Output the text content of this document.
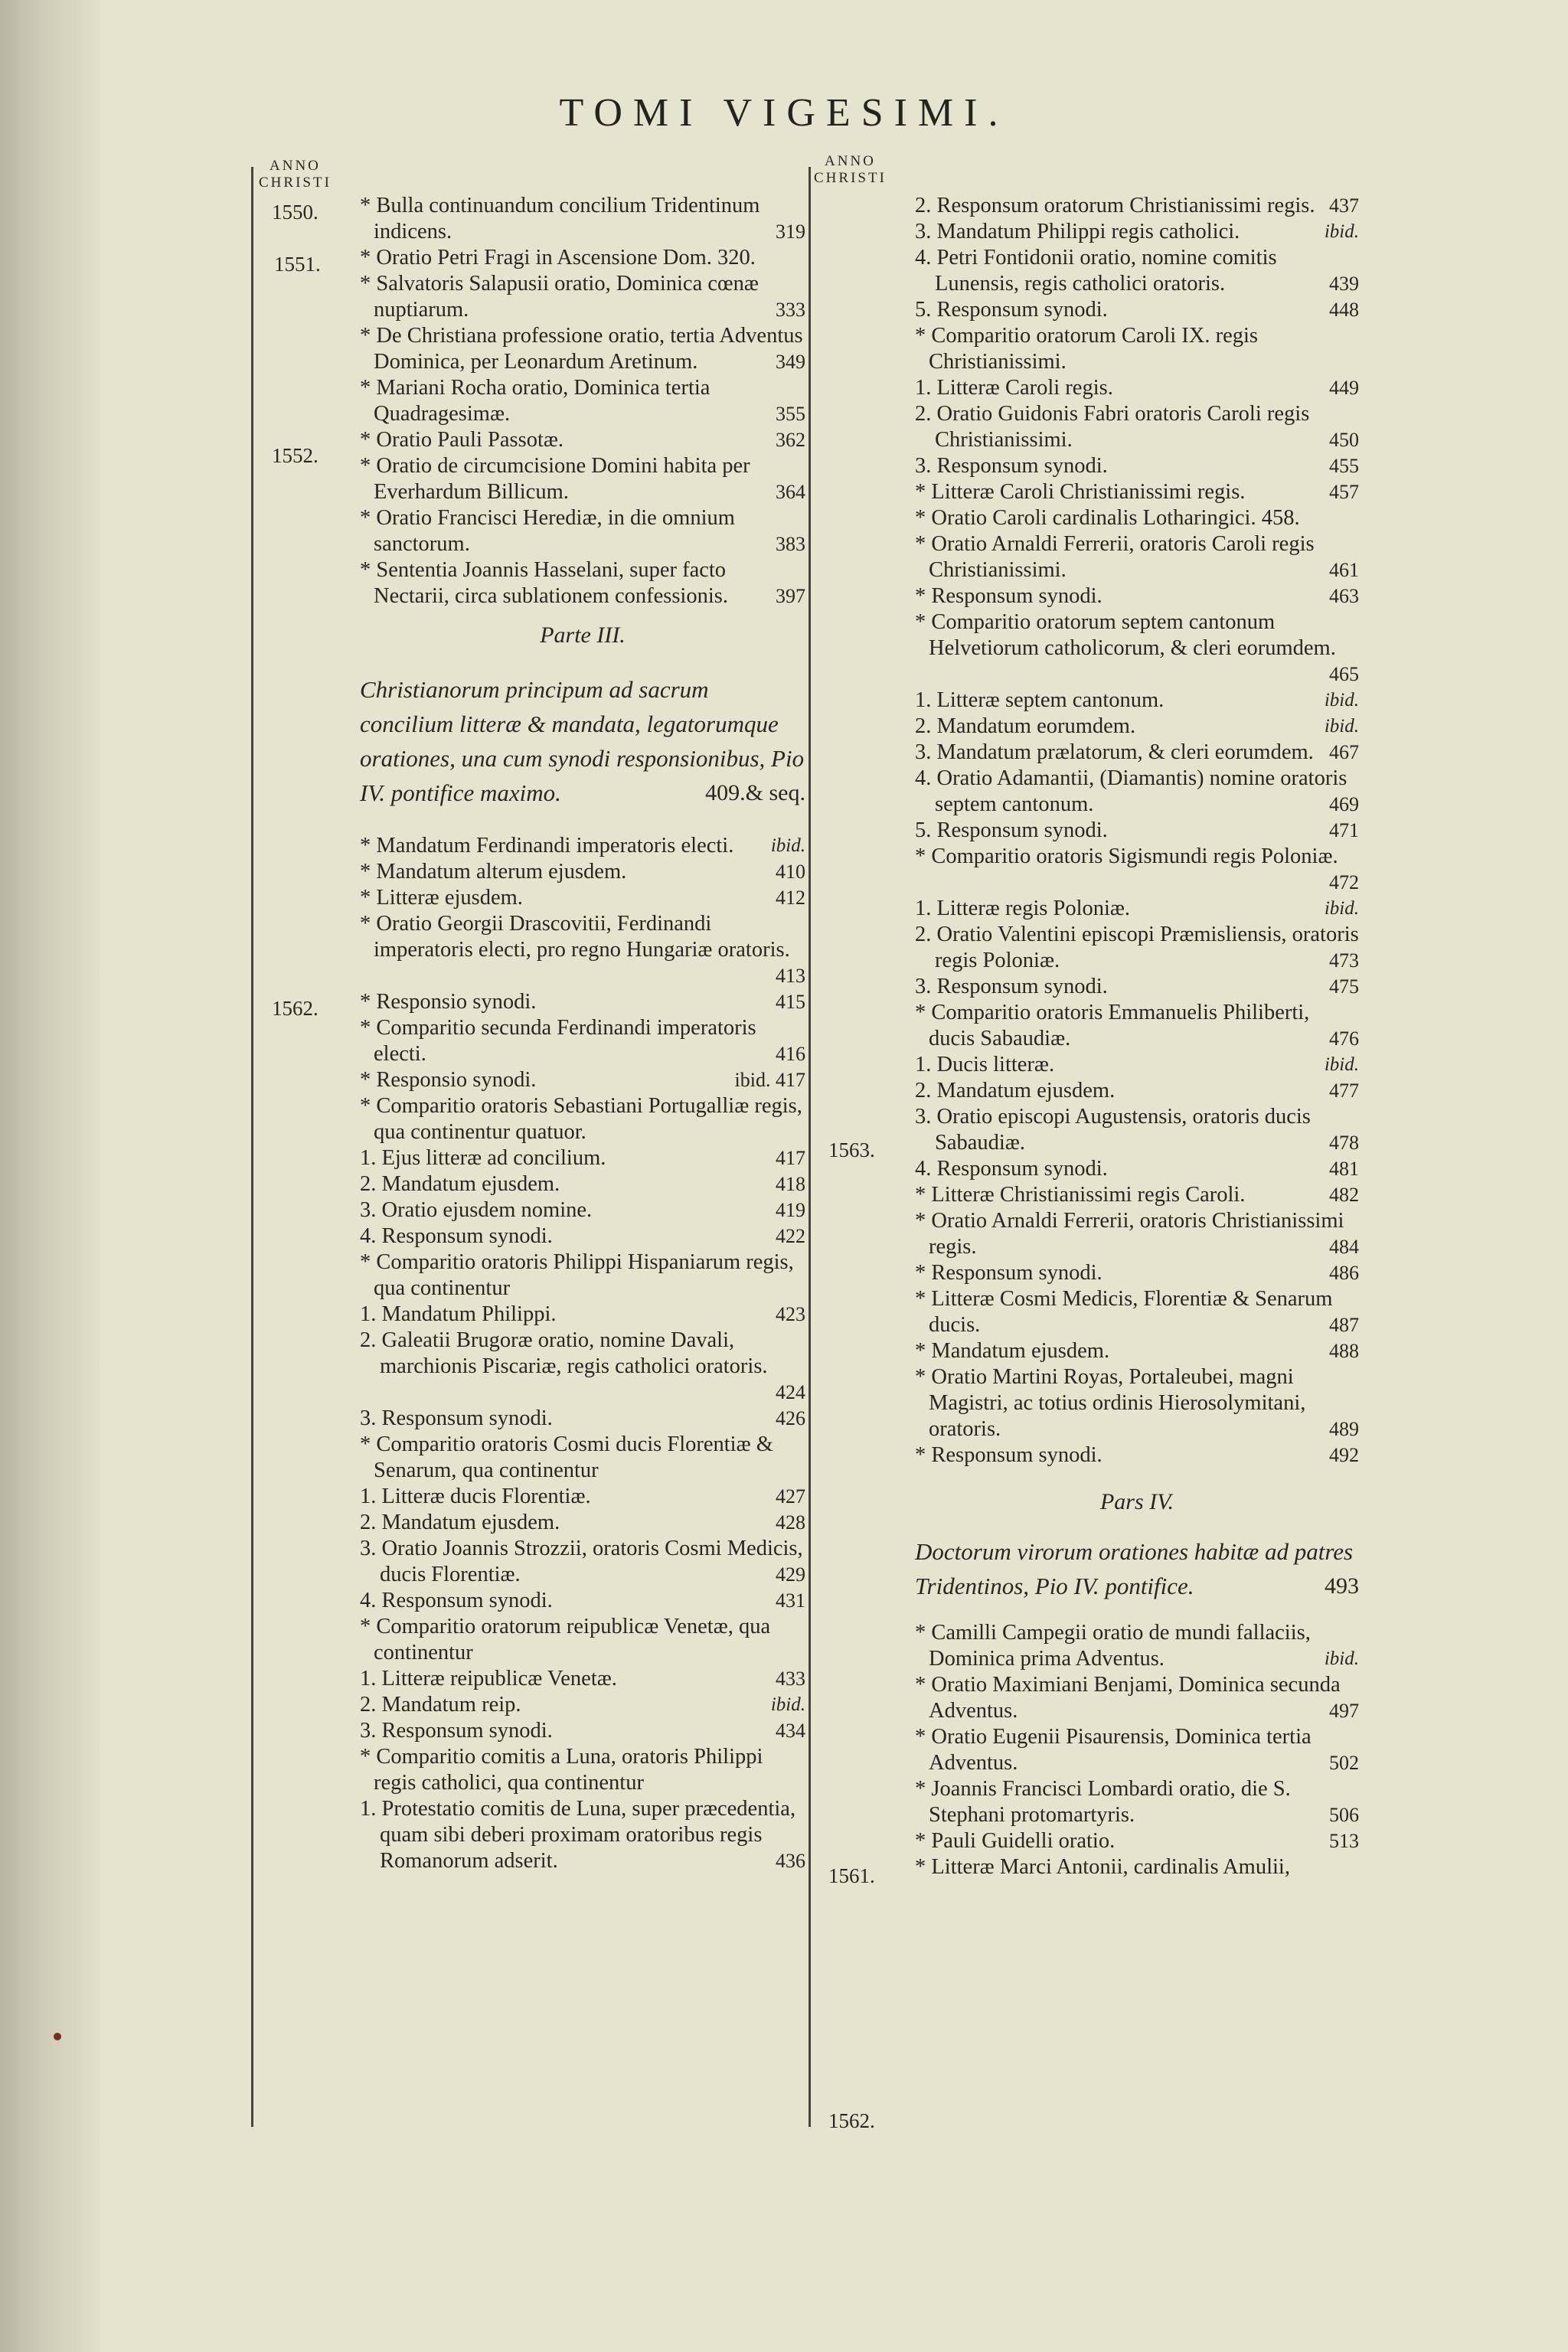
TOMI VIGESIMI.
ANNO
CHRISTI
ANNO
CHRISTI
1550.
1551.
1552.
1562.
1563.
1561.
1562.
* Bulla continuandum concilium Tridentinum indicens.	319
* Oratio Petri Fragi in Ascensione Dom. 320.
* Salvatoris Salapusii oratio, Dominica cœnæ nuptiarum.	333
* De Christiana professione oratio, tertia Adventus Dominica, per Leonardum Aretinum.	349
* Mariani Rocha oratio, Dominica tertia Quadragesimæ.	355
* Oratio Pauli Passotæ.	362
* Oratio de circumcisione Domini habita per Everhardum Billicum.	364
* Oratio Francisci Herediæ, in die omnium sanctorum.	383
* Sententia Joannis Hasselani, super facto Nectarii, circa sublationem confessionis.	397
Parte III.
Christianorum principum ad sacrum concilium litteræ & mandata, legatorumque orationes, una cum synodi responsionibus, Pio IV. pontifice maximo.	409.& seq.
* Mandatum Ferdinandi imperatoris electi.	ibid.
* Mandatum alterum ejusdem.	410
* Litteræ ejusdem.	412
* Oratio Georgii Drascovitii, Ferdinandi imperatoris electi, pro regno Hungariæ oratoris.
413
* Responsio synodi.	415
* Comparitio secunda Ferdinandi imperatoris electi.	416
* Responsio synodi.	ibid. 417
* Comparitio oratoris Sebastiani Portugalliæ regis, qua continentur quatuor.
1. Ejus litteræ ad concilium.	417
2. Mandatum ejusdem.	418
3. Oratio ejusdem nomine.	419
4. Responsum synodi.	422
* Comparitio oratoris Philippi Hispaniarum regis, qua continentur
1. Mandatum Philippi.	423
2. Galeatii Brugoræ oratio, nomine Davali, marchionis Piscariæ, regis catholici oratoris.
424
3. Responsum synodi.	426
* Comparitio oratoris Cosmi ducis Florentiæ & Senarum, qua continentur
1. Litteræ ducis Florentiæ.	427
2. Mandatum ejusdem.	428
3. Oratio Joannis Strozzii, oratoris Cosmi Medicis, ducis Florentiæ.	429
4. Responsum synodi.	431
* Comparitio oratorum reipublicæ Venetæ, qua continentur
1. Litteræ reipublicæ Venetæ.	433
2. Mandatum reip.	ibid.
3. Responsum synodi.	434
* Comparitio comitis a Luna, oratoris Philippi regis catholici, qua continentur
1. Protestatio comitis de Luna, super præcedentia, quam sibi deberi proximam oratoribus regis Romanorum adserit.	436
2. Responsum oratorum Christianissimi regis. 437
3. Mandatum Philippi regis catholici.	ibid.
4. Petri Fontidonii oratio, nomine comitis Lunensis, regis catholici oratoris.	439
5. Responsum synodi.	448
* Comparitio oratorum Caroli IX. regis Christianissimi.
1. Litteræ Caroli regis.	449
2. Oratio Guidonis Fabri oratoris Caroli regis Christianissimi.	450
3. Responsum synodi.	455
* Litteræ Caroli Christianissimi regis.	457
* Oratio Caroli cardinalis Lotharingici. 458.
* Oratio Arnaldi Ferrerii, oratoris Caroli regis Christianissimi.	461
* Responsum synodi.	463
* Comparitio oratorum septem cantonum Helvetiorum catholicorum, & cleri eorumdem.
465
1. Litteræ septem cantonum.	ibid.
2. Mandatum eorumdem.	ibid.
3. Mandatum prælatorum, & cleri eorumdem. 467
4. Oratio Adamantii, (Diamantis) nomine oratoris septem cantonum.	469
5. Responsum synodi.	471
* Comparitio oratoris Sigismundi regis Poloniæ.
472
1. Litteræ regis Poloniæ.	ibid.
2. Oratio Valentini episcopi Præmisliensis, oratoris regis Poloniæ.	473
3. Responsum synodi.	475
* Comparitio oratoris Emmanuelis Philiberti, ducis Sabaudiæ.	476
1. Ducis litteræ.	ibid.
2. Mandatum ejusdem.	477
3. Oratio episcopi Augustensis, oratoris ducis Sabaudiæ.	478
4. Responsum synodi.	481
* Litteræ Christianissimi regis Caroli.	482
* Oratio Arnaldi Ferrerii, oratoris Christianissimi regis.	484
* Responsum synodi.	486
* Litteræ Cosmi Medicis, Florentiæ & Senarum ducis.	487
* Mandatum ejusdem.	488
* Oratio Martini Royas, Portaleubei, magni Magistri, ac totius ordinis Hierosolymitani, oratoris.	489
* Responsum synodi.	492
Pars IV.
Doctorum virorum orationes habitæ ad patres Tridentinos, Pio IV. pontifice.	493
* Camilli Campegii oratio de mundi fallaciis, Dominica prima Adventus.	ibid.
* Oratio Maximiani Benjami, Dominica secunda Adventus.	497
* Oratio Eugenii Pisaurensis, Dominica tertia Adventus.	502
* Joannis Francisci Lombardi oratio, die S. Stephani protomartyris.	506
* Pauli Guidelli oratio.	513
* Litteræ Marci Antonii, cardinalis Amulii,
